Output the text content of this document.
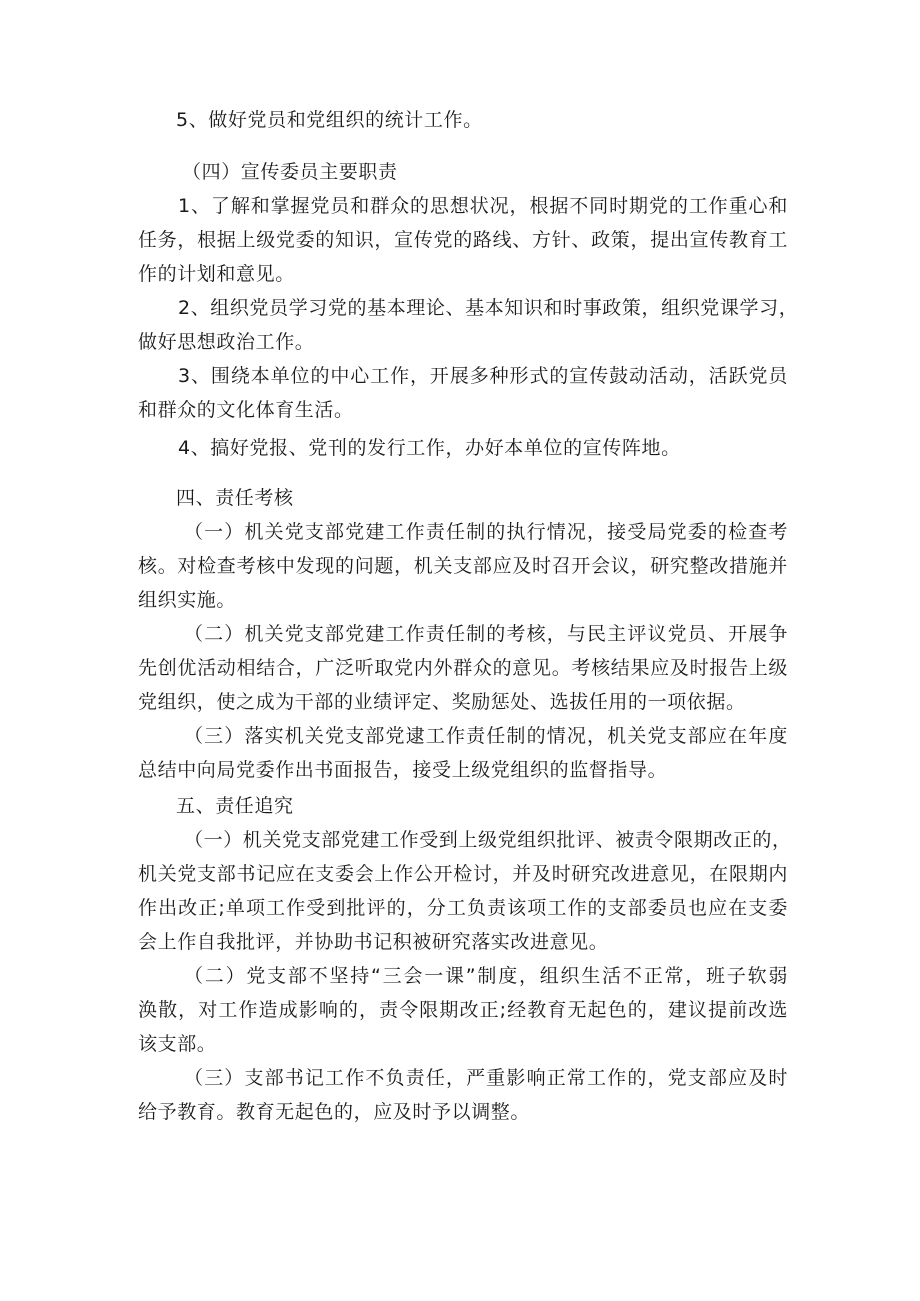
5、做好党员和党组织的统计工作。
（四）宣传委员主要职责
1、了解和掌握党员和群众的思想状况，根据不同时期党的工作重心和
任务，根据上级党委的知识，宣传党的路线、方针、政策，提出宣传教育工
作的计划和意见。
2、组织党员学习党的基本理论、基本知识和时事政策，组织党课学习，
做好思想政治工作。
3、围绕本单位的中心工作，开展多种形式的宣传鼓动活动，活跃党员
和群众的文化体育生活。
4、搞好党报、党刊的发行工作，办好本单位的宣传阵地。
四、责任考核
（一）机关党支部党建工作责任制的执行情况，接受局党委的检查考
核。对检查考核中发现的问题，机关支部应及时召开会议，研究整改措施并
组织实施。
（二）机关党支部党建工作责任制的考核，与民主评议党员、开展争
先创优活动相结合，广泛听取党内外群众的意见。考核结果应及时报告上级
党组织，使之成为干部的业绩评定、奖励惩处、选拔任用的一项依据。
（三）落实机关党支部党逮工作责任制的情况，机关党支部应在年度
总结中向局党委作出书面报告，接受上级党组织的监督指导。
五、责任追究
（一）机关党支部党建工作受到上级党组织批评、被责令限期改正的，
机关党支部书记应在支委会上作公开检讨，并及时研究改进意见，在限期内
作出改正;单项工作受到批评的，分工负责该项工作的支部委员也应在支委
会上作自我批评，并协助书记积被研究落实改进意见。
（二）党支部不坚持“三会一课”制度，组织生活不正常，班子软弱
涣散，对工作造成影响的，责令限期改正;经教育无起色的，建议提前改选
该支部。
（三）支部书记工作不负责任，严重影响正常工作的，党支部应及时
给予教育。教育无起色的，应及时予以调整。
